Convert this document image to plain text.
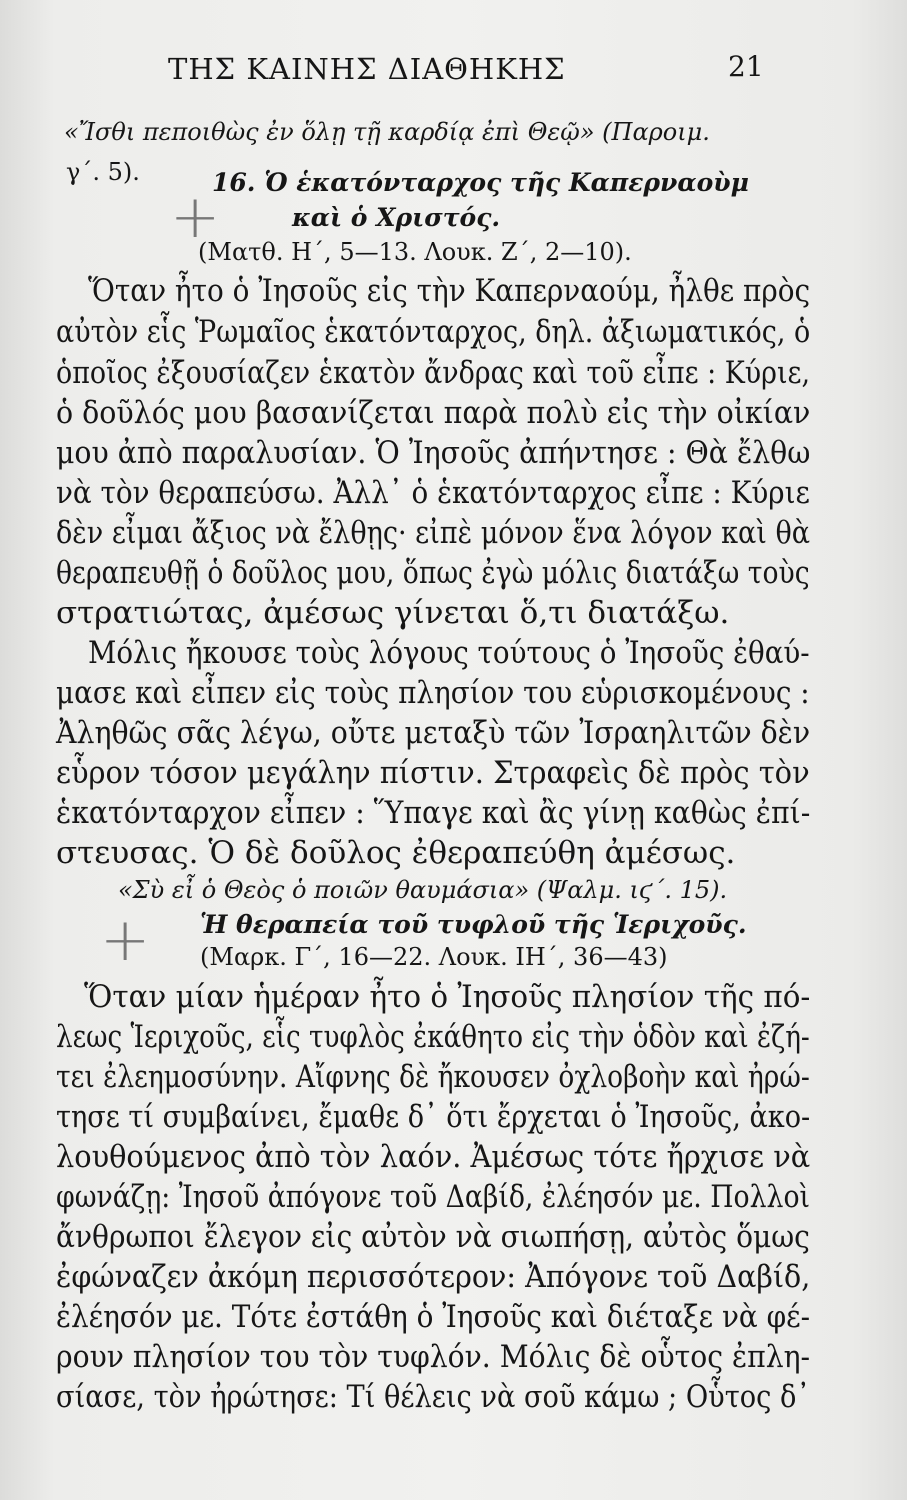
ΤΗΣ ΚΑΙΝΗΣ ΔΙΑΘΗΚΗΣ	21
+
+
«Ἴσθι πεποιθὼς ἐν ὅλῃ τῇ καρδίᾳ ἐπὶ Θεῷ» (Παροιμ.
γ΄. 5).	16. Ὁ ἑκατόνταρχος τῆς Καπερναοὺμ
καὶ ὁ Χριστός.
(Ματθ. Η΄, 5—13. Λουκ. Ζ΄, 2—10).
Ὅταν ἦτο ὁ Ἰησοῦς εἰς τὴν Καπερναούμ, ἦλθε πρὸς
αὐτὸν εἷς Ῥωμαῖος ἑκατόνταρχος, δηλ. ἀξιωματικός, ὁ
ὁποῖος ἐξουσίαζεν ἑκατὸν ἄνδρας καὶ τοῦ εἶπε : Κύριε,
ὁ δοῦλός μου βασανίζεται παρὰ πολὺ εἰς τὴν οἰκίαν
μου ἀπὸ παραλυσίαν. Ὁ Ἰησοῦς ἀπήντησε : Θὰ ἔλθω
νὰ τὸν θεραπεύσω. Ἀλλ᾽ ὁ ἑκατόνταρχος εἶπε : Κύριε
δὲν εἶμαι ἄξιος νὰ ἔλθῃς· εἰπὲ μόνον ἕνα λόγον καὶ θὰ
θεραπευθῇ ὁ δοῦλος μου, ὅπως ἐγὼ μόλις διατάξω τοὺς
στρατιώτας, ἀμέσως γίνεται ὅ,τι διατάξω.
Μόλις ἤκουσε τοὺς λόγους τούτους ὁ Ἰησοῦς ἐθαύ-
μασε καὶ εἶπεν εἰς τοὺς πλησίον του εὑρισκομένους :
Ἀληθῶς σᾶς λέγω, οὔτε μεταξὺ τῶν Ἰσραηλιτῶν δὲν
εὗρον τόσον μεγάλην πίστιν. Στραφεὶς δὲ πρὸς τὸν
ἑκατόνταρχον εἶπεν : Ὕπαγε καὶ ἂς γίνῃ καθὼς ἐπί-
στευσας. Ὁ δὲ δοῦλος ἐθεραπεύθη ἀμέσως.
«Σὺ εἶ ὁ Θεὸς ὁ ποιῶν θαυμάσια» (Ψαλμ. ιϛ΄. 15).
Ἡ θεραπεία τοῦ τυφλοῦ τῆς Ἱεριχοῦς.
(Μαρκ. Γ΄, 16—22. Λουκ. ΙΗ΄, 36—43)
Ὅταν μίαν ἡμέραν ἦτο ὁ Ἰησοῦς πλησίον τῆς πό-
λεως Ἱεριχοῦς, εἷς τυφλὸς ἐκάθητο εἰς τὴν ὁδὸν καὶ ἐζή-
τει ἐλεημοσύνην. Αἴφνης δὲ ἤκουσεν ὀχλοβοὴν καὶ ἠρώ-
τησε τί συμβαίνει, ἔμαθε δ᾽ ὅτι ἔρχεται ὁ Ἰησοῦς, ἀκο-
λουθούμενος ἀπὸ τὸν λαόν. Ἀμέσως τότε ἤρχισε νὰ
φωνάζῃ: Ἰησοῦ ἀπόγονε τοῦ Δαβίδ, ἐλέησόν με. Πολλοὶ
ἄνθρωποι ἔλεγον εἰς αὐτὸν νὰ σιωπήσῃ, αὐτὸς ὅμως
ἐφώναζεν ἀκόμη περισσότερον: Ἀπόγονε τοῦ Δαβίδ,
ἐλέησόν με. Τότε ἐστάθη ὁ Ἰησοῦς καὶ διέταξε νὰ φέ-
ρουν πλησίον του τὸν τυφλόν. Μόλις δὲ οὗτος ἐπλη-
σίασε, τὸν ἠρώτησε: Τί θέλεις νὰ σοῦ κάμω ; Οὗτος δ᾽
